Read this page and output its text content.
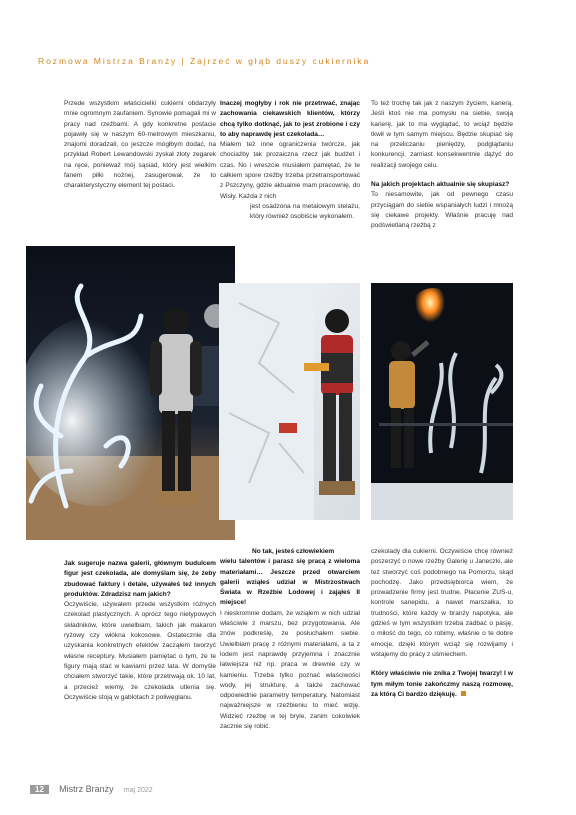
Rozmowa Mistrza Branży | Zajrzeć w głąb duszy cukiernika

Przede wszystkim właścicielki cukierni obdarzyły mnie ogromnym zaufaniem. Synowie pomagali mi w pracy nad rzeźbami. A gdy konkretne postacie pojawiły się w naszym 60-metrowym mieszkaniu, znajomi doradzali, co jeszcze mógłbym dodać, na przykład Robert Lewandowski zyskał złoty zegarek na ręce, ponieważ mój sąsiad, który jest wielkim fanem piłki nożnej, zasugerował, że to charakterystyczny element tej postaci.

Inaczej mogłyby i rok nie przetrwać, znając zachowania ciekawskich klientów, którzy chcą tylko dotknąć, jak to jest zrobione i czy to aby naprawdę jest czekolada…

Miałem też inne ograniczenia twórcze, jak chociażby tak prozaiczna rzecz jak budżet i czas. No i wreszcie musiałem pamiętać, że te całkiem spore rzeźby trzeba przetransportować z Pszczyny, gdzie aktualnie mam pracownię, do Wisły. Każda z nich

jest osadzona na metalowym stelażu, który również osobiście wykonałem.

To też trochę tak jak z naszym życiem, karierą. Jeśli ktoś nie ma pomysłu na siebie, swoją karierę, jak to ma wyglądać, to wciąż będzie tkwił w tym samym miejscu. Będzie skupiać się na przeliczaniu pieniędzy, podglądaniu konkurencji, zamiast konsekwentnie dążyć do realizacji swojego celu.

Na jakich projektach aktualnie się skupiasz?

To niesamowite, jak od pewnego czasu przyciągam do siebie wspaniałych ludzi i mnożą się ciekawe projekty. Właśnie pracuję nad podświetlaną rzeźbą z

Jak sugeruje nazwa galerii, głównym budulcem figur jest czekolada, ale domyślam się, że żeby zbudować faktury i detale, używałeś też innych produktów. Zdradzisz nam jakich?

Oczywiście, używałem przede wszystkim różnych czekolad plastycznych. A oprócz tego nietypowych składników, które uwielbiam, takich jak makaron ryżowy czy włókna kokosowe. Ostatecznie dla uzyskania konkretnych efektów zacząłem tworzyć własne receptury. Musiałem pamiętać o tym, że te figury mają stać w kawiarni przez lata. W domyśle chciałem stworzyć takie, które przetrwają ok. 10 lat, a przecież wiemy, że czekolada utlenia się. Oczywiście stoją w gablotach z poliwęglanu.

No tak, jesteś człowiekiem

wielu talentów i parasz się pracą z wieloma materiałami… Jeszcze przed otwarciem galerii wziąłeś udział w Mistrzostwach Świata w Rzeźbie Lodowej i zająłeś II miejsce!

I nieskromnie dodam, że wziąłem w nich udział właściwie z marszu, bez przygotowania. Ale znów podkreślę, że posłuchałem siebie. Uwielbiam pracę z różnymi materiałami, a ta z lodem jest naprawdę przyjemna i znacznie łatwiejsza niż np. praca w drewnie czy w kamieniu. Trzeba tylko poznać właściwości wody, jej strukturę, a także zachować odpowiednie parametry temperatury. Natomiast najważniejsze w rzeźbieniu to mieć wizję. Widzieć rzeźbę w tej bryle, zanim cokolwiek zacznie się robić.

czekolady dla cukierni. Oczywiście chcę również poszerzyć o nowe rzeźby Galerię u Janeczki, ale też stworzyć coś podobnego na Pomorzu, skąd pochodzę. Jako przedsiębiorca wiem, że prowadzenie firmy jest trudne. Płacenie ZUS-u, kontrole sanepidu, a nawet marszałka, to trudności, które każdy w branży napotyka, ale gdzieś w tym wszystkim trzeba zadbać o pasję, o miłość do tego, co robimy, właśnie o te dobre emocje, dzięki którym wciąż się rozwijamy i wstajemy do pracy z uśmiechem.

Który właściwie nie znika z Twojej twarzy! I w tym miłym tonie zakończmy naszą rozmowę, za którą Ci bardzo dziękuję.

12 Mistrz Branży maj 2022
